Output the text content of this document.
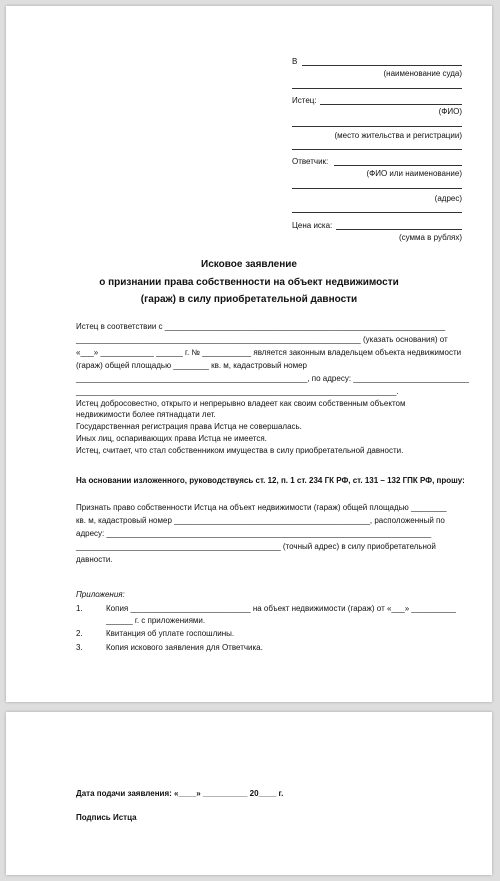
В
(наименование суда)
Истец:
(ФИО)
(место жительства и регистрации)
Ответчик:
(ФИО или наименование)
(адрес)
Цена иска:
(сумма в рублях)
Исковое заявление
о признании права собственности на объект недвижимости
(гараж) в силу приобретательной давности
Истец в соответствии с _______________________________________________________________
________________________________________________________________ (указать основания) от
«___» ____________ ______ г. № ___________ является законным владельцем объекта недвижимости
(гараж) общей площадью ________ кв. м, кадастровый номер
____________________________________________________, по адресу: __________________________
________________________________________________________________________.
Истец добросовестно, открыто и непрерывно владеет как своим собственным объектом
недвижимости более пятнадцати лет.
Государственная регистрация права Истца не совершалась.
Иных лиц, оспаривающих права Истца не имеется.
Истец, считает, что стал собственником имущества в силу приобретательной давности.
На основании изложенного, руководствуясь ст. 12, п. 1 ст. 234 ГК РФ, ст. 131 – 132 ГПК РФ, прошу:
Признать право собственности Истца на объект недвижимости (гараж) общей площадью ________
кв. м, кадастровый номер ____________________________________________, расположенный по
адресу: _________________________________________________________________________
______________________________________________ (точный адрес) в силу приобретательной
давности.
Приложения:
1.	Копия ___________________________ на объект недвижимости (гараж) от «___» __________
______ г. с приложениями.
2.	Квитанция об уплате госпошлины.
3.	Копия искового заявления для Ответчика.
Дата подачи заявления: «____» __________ 20____ г.
Подпись Истца
